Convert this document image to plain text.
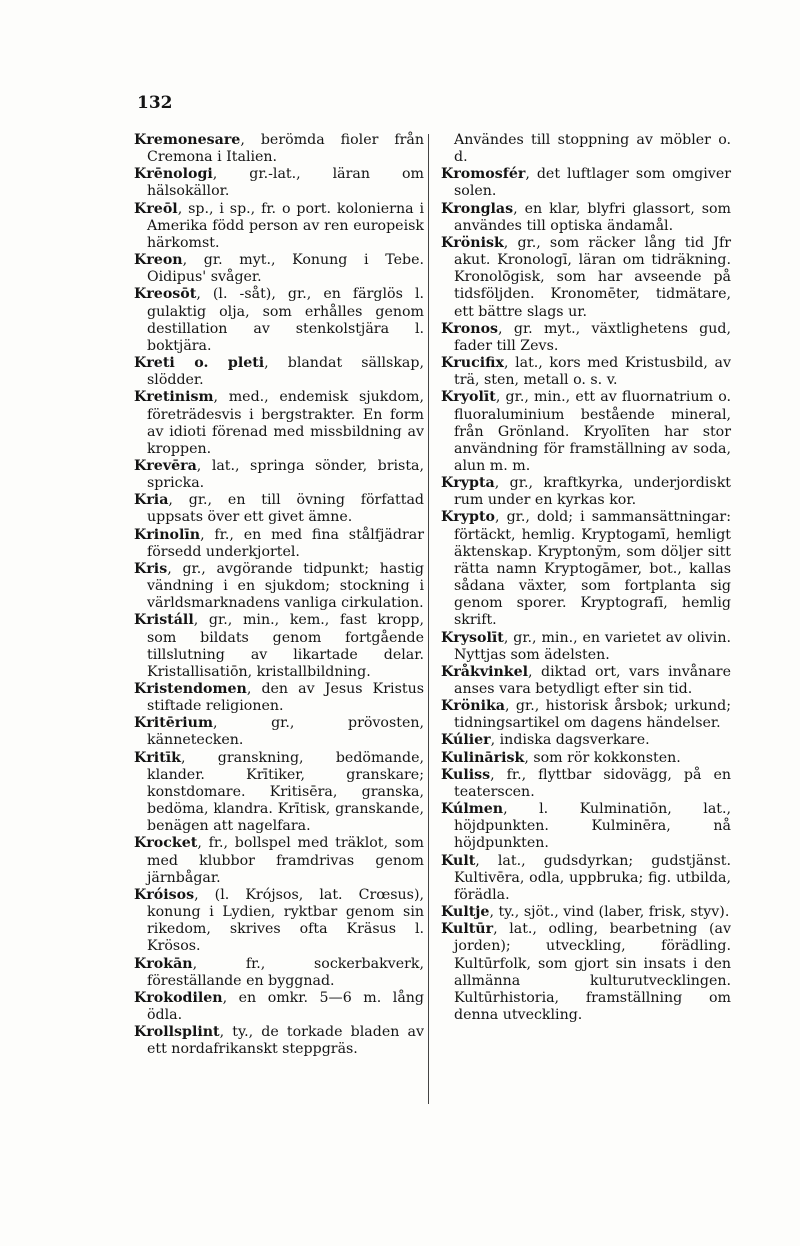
132

Kremonesare, berömda fioler från Cremona i Italien.

Krēnologi, gr.-lat., läran om hälsokällor.

Kreōl, sp., i sp., fr. o port. kolonierna i Amerika född person av ren europeisk härkomst.

Kreon, gr. myt., Konung i Tebe. Oidipus' svåger.

Kreosōt, (l. -såt), gr., en färglös l. gulaktig olja, som erhålles genom destillation av stenkolstjära l. boktjära.

Kreti o. pleti, blandat sällskap, slödder.

Kretinism, med., endemisk sjukdom, företrädesvis i bergstrakter. En form av idioti förenad med missbildning av kroppen.

Krevēra, lat., springa sönder, brista, spricka.

Kria, gr., en till övning författad uppsats över ett givet ämne.

Krinolīn, fr., en med fina stålfjädrar försedd underkjortel.

Kris, gr., avgörande tidpunkt; hastig vändning i en sjukdom; stockning i världsmarknadens vanliga cirkulation.

Kristáll, gr., min., kem., fast kropp, som bildats genom fortgående tillslutning av likartade delar. Kristallisatiōn, kristallbildning.

Kristendomen, den av Jesus Kristus stiftade religionen.

Kritērium, gr., prövosten, kännetecken.

Kritīk, granskning, bedömande, klander. Krītiker, granskare; konstdomare. Kritisēra, granska, bedöma, klandra. Krītisk, granskande, benägen att nagelfara.

Krocket, fr., bollspel med träklot, som med klubbor framdrivas genom järnbågar.

Króisos, (l. Krójsos, lat. Crœsus), konung i Lydien, ryktbar genom sin rikedom, skrives ofta Kräsus l. Krösos.

Krokān, fr., sockerbakverk, föreställande en byggnad.

Krokodilen, en omkr. 5—6 m. lång ödla.

Krollsplint, ty., de torkade bladen av ett nordafrikanskt steppgräs.

Användes till stoppning av möbler o. d.

Kromosfér, det luftlager som omgiver solen.

Kronglas, en klar, blyfri glassort, som användes till optiska ändamål.

Krönisk, gr., som räcker lång tid Jfr akut. Kronologī, läran om tidräkning. Kronolōgisk, som har avseende på tidsföljden. Kronomēter, tidmätare, ett bättre slags ur.

Kronos, gr. myt., växtlighetens gud, fader till Zevs.

Krucifix, lat., kors med Kristusbild, av trä, sten, metall o. s. v.

Kryolīt, gr., min., ett av fluornatrium o. fluoraluminium bestående mineral, från Grönland. Kryolīten har stor användning för framställning av soda, alun m. m.

Krypta, gr., kraftkyrka, underjordiskt rum under en kyrkas kor.

Krypto, gr., dold; i sammansättningar: förtäckt, hemlig. Kryptogamī, hemligt äktenskap. Kryptonȳm, som döljer sitt rätta namn Kryptogāmer, bot., kallas sådana växter, som fortplanta sig genom sporer. Kryptografī, hemlig skrift.

Krysolīt, gr., min., en varietet av olivin. Nyttjas som ädelsten.

Kråkvinkel, diktad ort, vars invånare anses vara betydligt efter sin tid.

Krönika, gr., historisk årsbok; urkund; tidningsartikel om dagens händelser.

Kúlier, indiska dagsverkare.

Kulinārisk, som rör kokkonsten.

Kuliss, fr., flyttbar sidovägg, på en teaterscen.

Kúlmen, l. Kulminatiōn, lat., höjdpunkten. Kulminēra, nå höjdpunkten.

Kult, lat., gudsdyrkan; gudstjänst. Kultivēra, odla, uppbruka; fig. utbilda, förädla.

Kultje, ty., sjöt., vind (laber, frisk, styv).

Kultūr, lat., odling, bearbetning (av jorden); utveckling, förädling. Kultūrfolk, som gjort sin insats i den allmänna kulturutvecklingen. Kultūrhistoria, framställning om denna utveckling.
